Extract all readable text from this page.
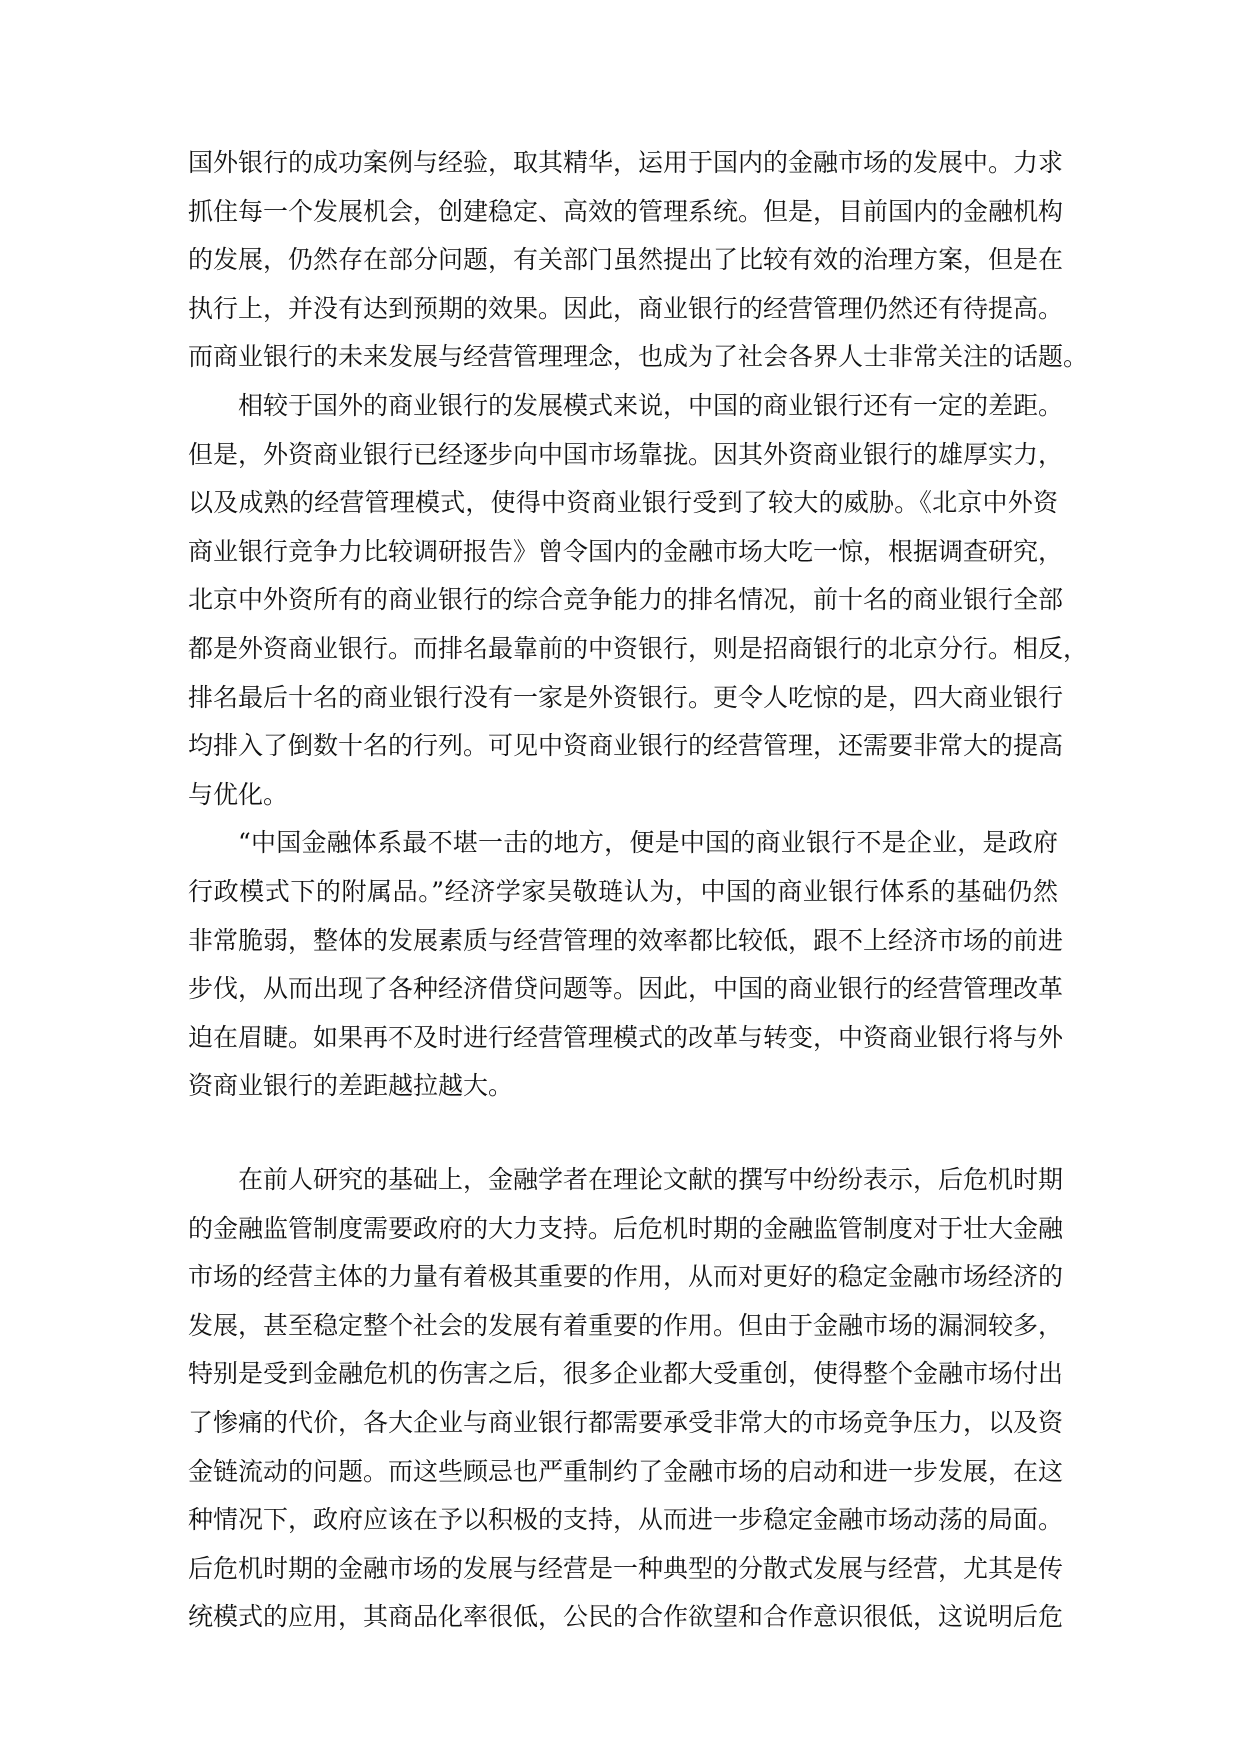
国外银行的成功案例与经验，取其精华，运用于国内的金融市场的发展中。力求
抓住每一个发展机会，创建稳定、高效的管理系统。但是，目前国内的金融机构
的发展，仍然存在部分问题，有关部门虽然提出了比较有效的治理方案，但是在
执行上，并没有达到预期的效果。因此，商业银行的经营管理仍然还有待提高。
而商业银行的未来发展与经营管理理念，也成为了社会各界人士非常关注的话题。
相较于国外的商业银行的发展模式来说，中国的商业银行还有一定的差距。
但是，外资商业银行已经逐步向中国市场靠拢。因其外资商业银行的雄厚实力，
以及成熟的经营管理模式，使得中资商业银行受到了较大的威胁。《北京中外资
商业银行竞争力比较调研报告》曾令国内的金融市场大吃一惊，根据调查研究，
北京中外资所有的商业银行的综合竞争能力的排名情况，前十名的商业银行全部
都是外资商业银行。而排名最靠前的中资银行，则是招商银行的北京分行。相反，
排名最后十名的商业银行没有一家是外资银行。更令人吃惊的是，四大商业银行
均排入了倒数十名的行列。可见中资商业银行的经营管理，还需要非常大的提高
与优化。
“中国金融体系最不堪一击的地方，便是中国的商业银行不是企业，是政府
行政模式下的附属品。”经济学家吴敬琏认为，中国的商业银行体系的基础仍然
非常脆弱，整体的发展素质与经营管理的效率都比较低，跟不上经济市场的前进
步伐，从而出现了各种经济借贷问题等。因此，中国的商业银行的经营管理改革
迫在眉睫。如果再不及时进行经营管理模式的改革与转变，中资商业银行将与外
资商业银行的差距越拉越大。
在前人研究的基础上，金融学者在理论文献的撰写中纷纷表示，后危机时期
的金融监管制度需要政府的大力支持。后危机时期的金融监管制度对于壮大金融
市场的经营主体的力量有着极其重要的作用，从而对更好的稳定金融市场经济的
发展，甚至稳定整个社会的发展有着重要的作用。但由于金融市场的漏洞较多，
特别是受到金融危机的伤害之后，很多企业都大受重创，使得整个金融市场付出
了惨痛的代价，各大企业与商业银行都需要承受非常大的市场竞争压力，以及资
金链流动的问题。而这些顾忌也严重制约了金融市场的启动和进一步发展，在这
种情况下，政府应该在予以积极的支持，从而进一步稳定金融市场动荡的局面。
后危机时期的金融市场的发展与经营是一种典型的分散式发展与经营，尤其是传
统模式的应用，其商品化率很低，公民的合作欲望和合作意识很低，这说明后危
